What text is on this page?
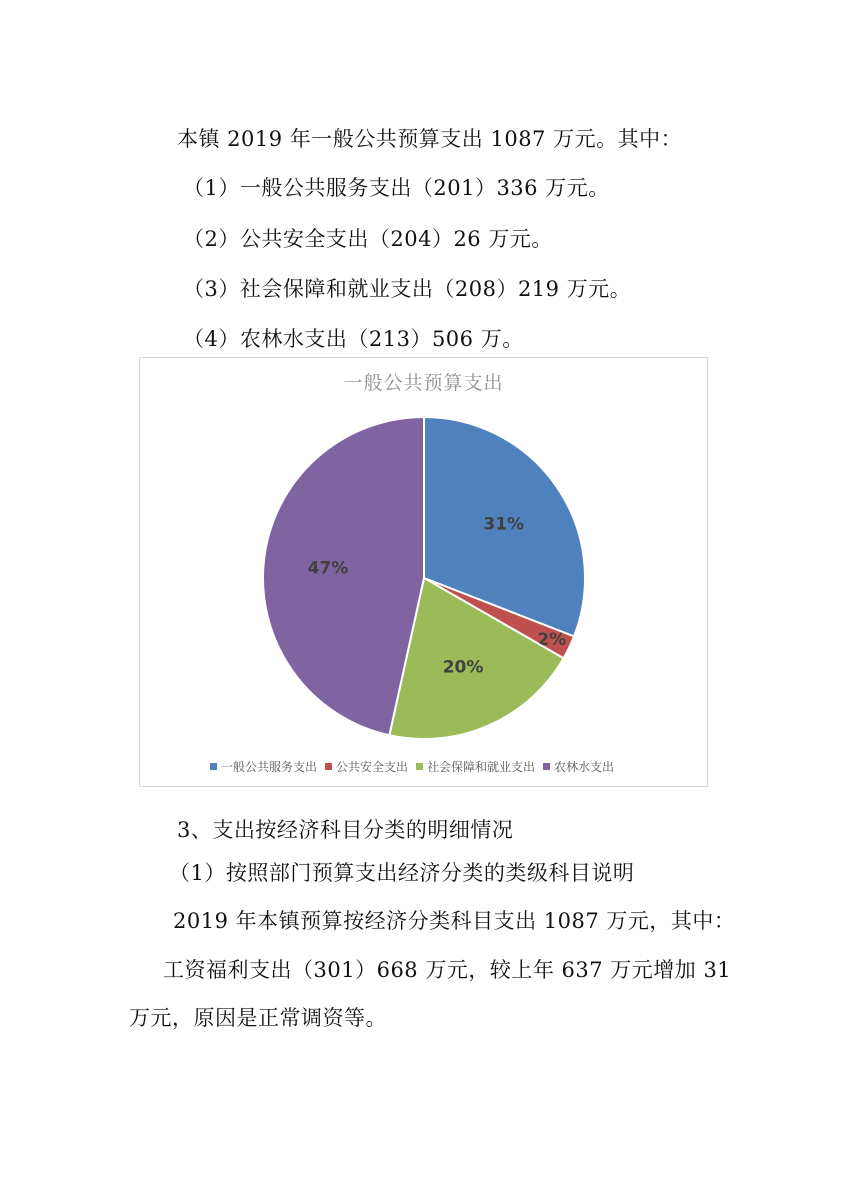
本镇 2019 年一般公共预算支出 1087 万元。其中：
（1）一般公共服务支出（201）336 万元。
（2）公共安全支出（204）26 万元。
（3）社会保障和就业支出（208）219 万元。
（4）农林水支出（213）506 万。
一般公共预算支出
31%
2%
20%
47%
一般公共服务支出 公共安全支出 社会保障和就业支出 农林水支出
3、支出按经济科目分类的明细情况
（1）按照部门预算支出经济分类的类级科目说明
2019 年本镇预算按经济分类科目支出 1087 万元，其中：
工资福利支出（301）668 万元，较上年 637 万元增加 31
万元，原因是正常调资等。
